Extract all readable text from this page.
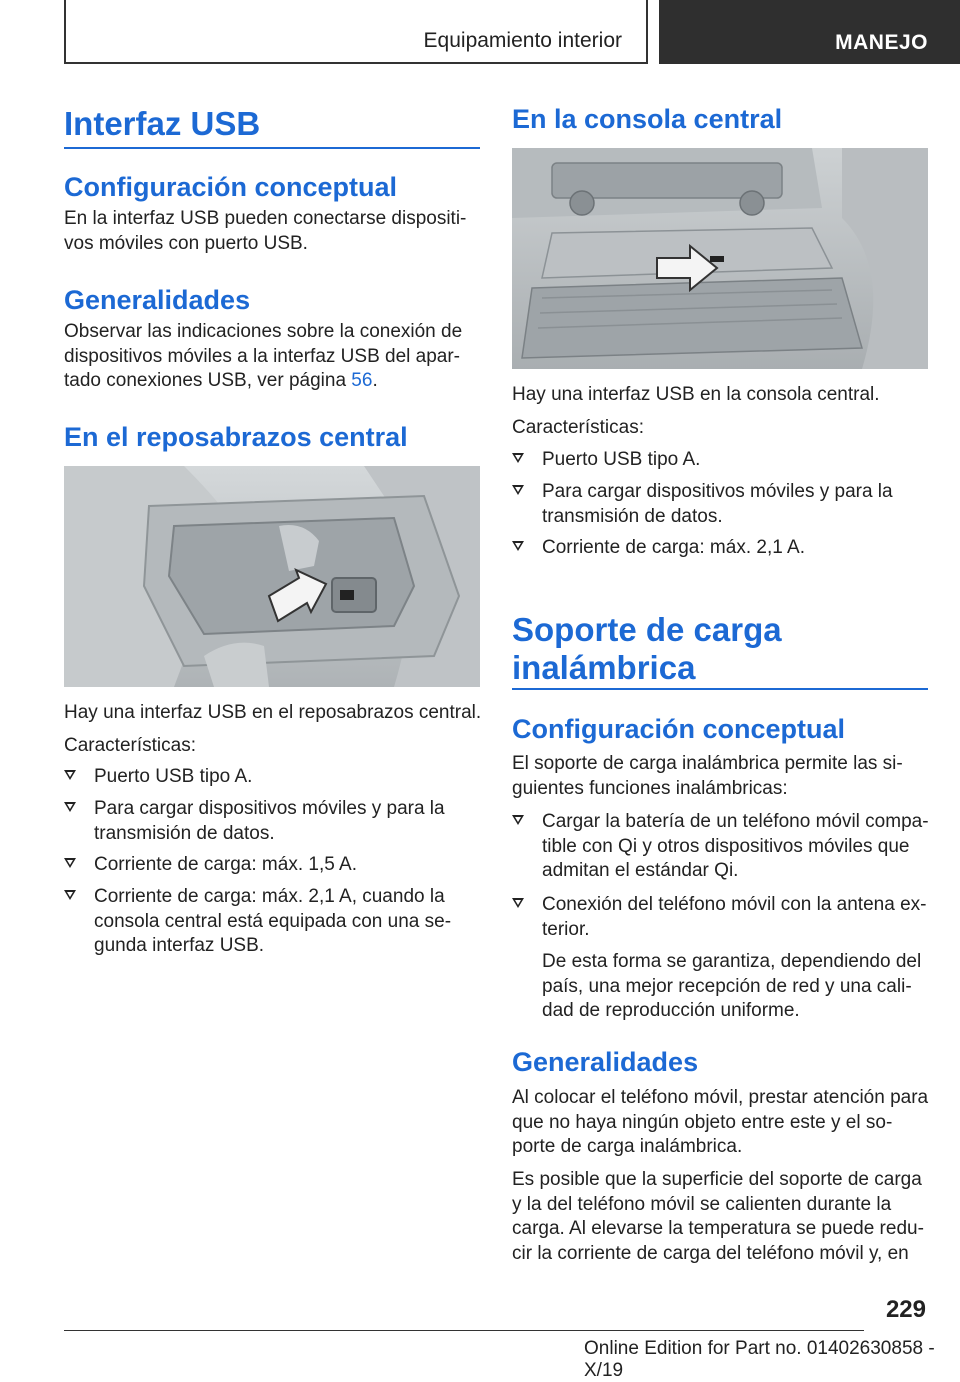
Equipamiento interior	MANEJO
Interfaz USB
Configuración conceptual

En la interfaz USB pueden conectarse dispositi‐
vos móviles con puerto USB.

Generalidades

Observar las indicaciones sobre la conexión de
dispositivos móviles a la interfaz USB del apar‐
tado conexiones USB, ver página 56.

En el reposabrazos central

Hay una interfaz USB en el reposabrazos central.

Características:

Puerto USB tipo A.
Para cargar dispositivos móviles y para la
transmisión de datos.
Corriente de carga: máx. 1,5 A.
Corriente de carga: máx. 2,1 A, cuando la
consola central está equipada con una se‐
gunda interfaz USB.
En la consola central

Hay una interfaz USB en la consola central.

Características:

Puerto USB tipo A.
Para cargar dispositivos móviles y para la
transmisión de datos.
Corriente de carga: máx. 2,1 A.
Soporte de carga
inalámbrica
Configuración conceptual

El soporte de carga inalámbrica permite las si‐
guientes funciones inalámbricas:

Cargar la batería de un teléfono móvil compa‐
tible con Qi y otros dispositivos móviles que
admitan el estándar Qi.
Conexión del teléfono móvil con la antena ex‐
terior.

De esta forma se garantiza, dependiendo del
país, una mejor recepción de red y una cali‐
dad de reproducción uniforme.

Generalidades

Al colocar el teléfono móvil, prestar atención para
que no haya ningún objeto entre este y el so‐
porte de carga inalámbrica.

Es posible que la superficie del soporte de carga
y la del teléfono móvil se calienten durante la
carga. Al elevarse la temperatura se puede redu‐
cir la corriente de carga del teléfono móvil y, en

229
Online Edition for Part no. 01402630858 - X/19
